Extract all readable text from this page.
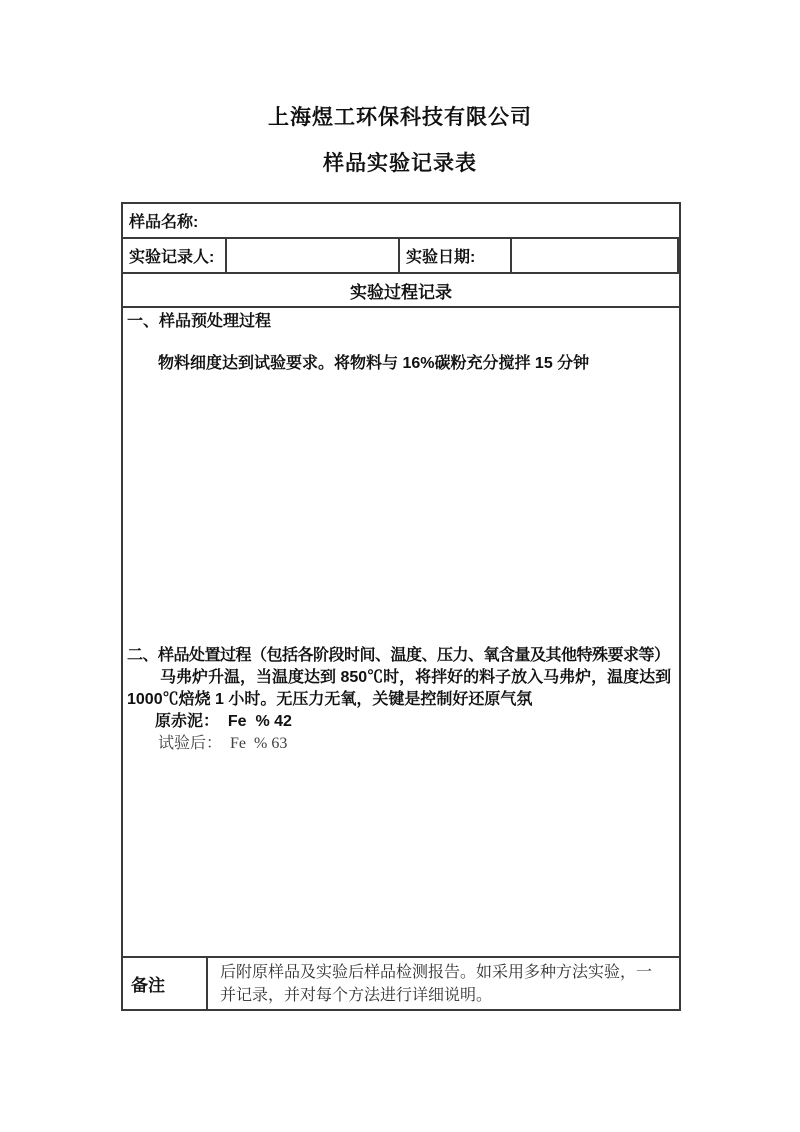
上海煜工环保科技有限公司
样品实验记录表
样品名称:
实验记录人:	实验日期:
实验过程记录
一、样品预处理过程
物料细度达到试验要求。将物料与 16%碳粉充分搅拌 15 分钟
二、样品处置过程（包括各阶段时间、温度、压力、氧含量及其他特殊要求等）
马弗炉升温，当温度达到 850℃时，将拌好的料子放入马弗炉，温度达到
1000℃焙烧 1 小时。无压力无氧，关键是控制好还原气氛
原赤泥：  Fe  % 42
试验后：  Fe  % 63
备注
后附原样品及实验后样品检测报告。如采用多种方法实验，一并记录，并对每个方法进行详细说明。
